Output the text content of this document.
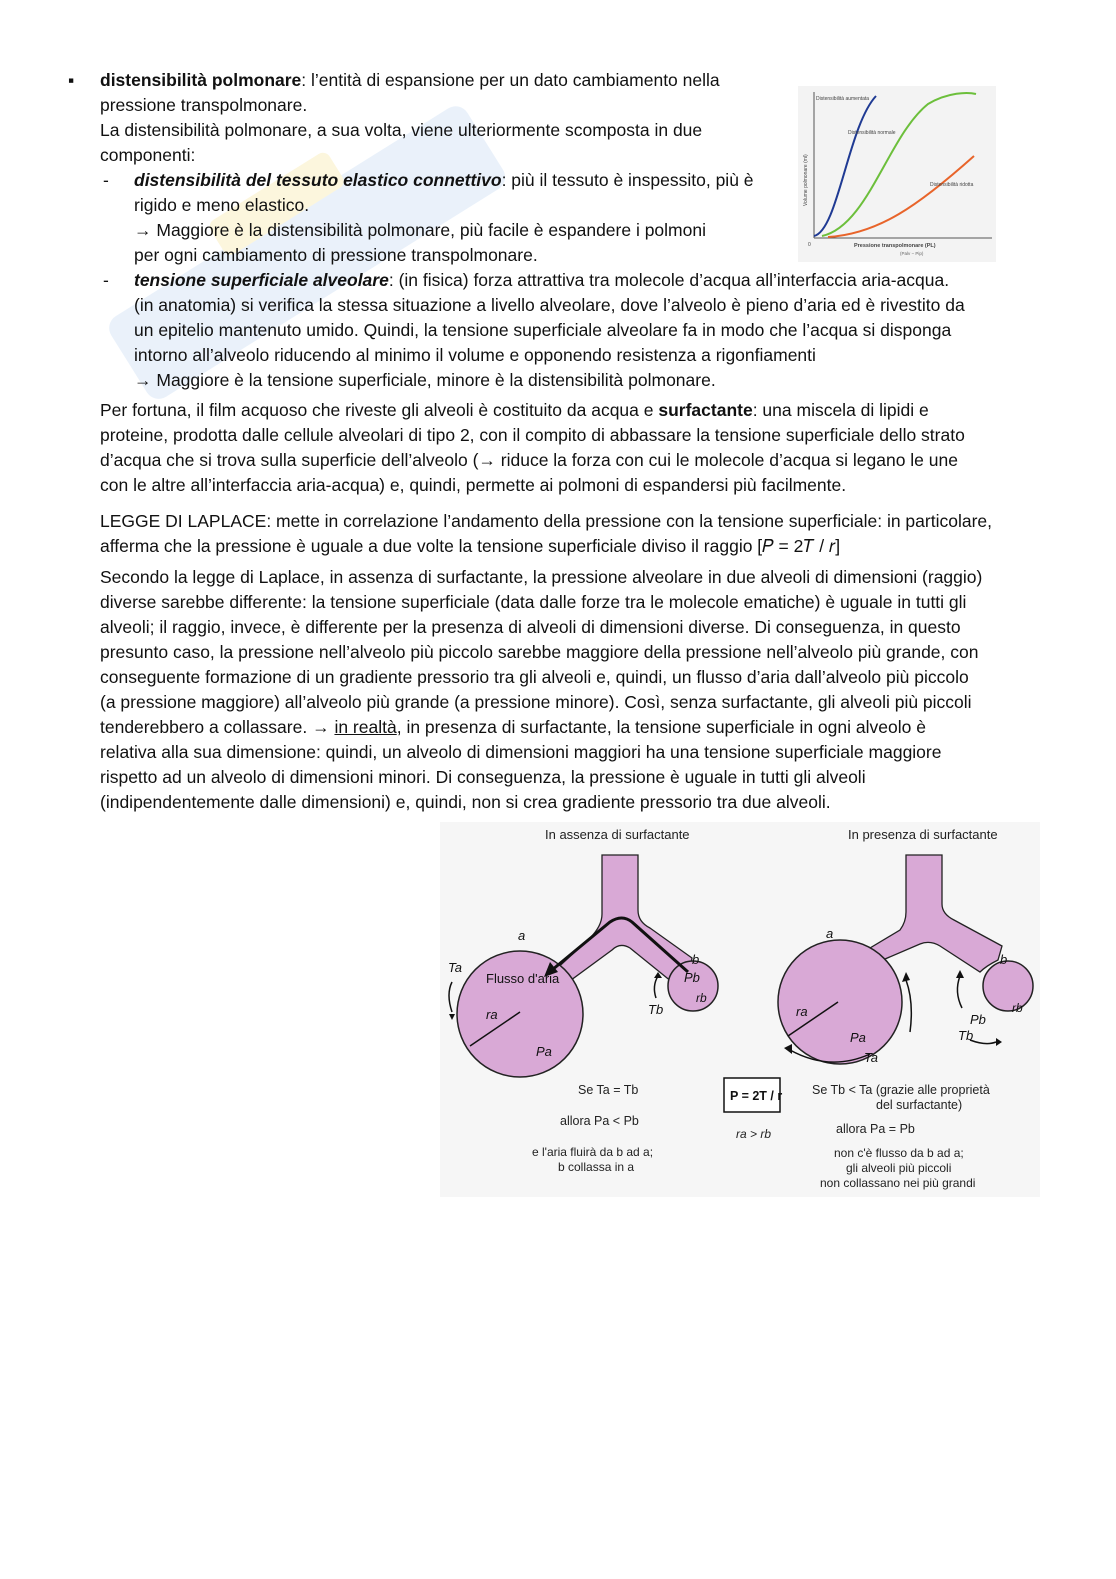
▪ distensibilità polmonare: l’entità di espansione per un dato cambiamento nella
pressione transpolmonare.
La distensibilità polmonare, a sua volta, viene ulteriormente scomposta in due
componenti:
- distensibilità del tessuto elastico connettivo: più il tessuto è inspessito, più è
rigido e meno elastico.
→ Maggiore è la distensibilità polmonare, più facile è espandere i polmoni
per ogni cambiamento di pressione transpolmonare.
- tensione superficiale alveolare: (in fisica) forza attrattiva tra molecole d’acqua all’interfaccia aria-acqua.
(in anatomia) si verifica la stessa situazione a livello alveolare, dove l’alveolo è pieno d’aria ed è rivestito da
un epitelio mantenuto umido. Quindi, la tensione superficiale alveolare fa in modo che l’acqua si disponga
intorno all’alveolo riducendo al minimo il volume e opponendo resistenza a rigonfiamenti
→ Maggiore è la tensione superficiale, minore è la distensibilità polmonare.
Per fortuna, il film acquoso che riveste gli alveoli è costituito da acqua e surfactante: una miscela di lipidi e
proteine, prodotta dalle cellule alveolari di tipo 2, con il compito di abbassare la tensione superficiale dello strato
d’acqua che si trova sulla superficie dell’alveolo (→ riduce la forza con cui le molecole d’acqua si legano le une
con le altre all’interfaccia aria-acqua) e, quindi, permette ai polmoni di espandersi più facilmente.
LEGGE DI LAPLACE: mette in correlazione l’andamento della pressione con la tensione superficiale: in particolare,
afferma che la pressione è uguale a due volte la tensione superficiale diviso il raggio [𝑃 = 2𝑇 / 𝑟]
Secondo la legge di Laplace, in assenza di surfactante, la pressione alveolare in due alveoli di dimensioni (raggio)
diverse sarebbe differente: la tensione superficiale (data dalle forze tra le molecole ematiche) è uguale in tutti gli
alveoli; il raggio, invece, è differente per la presenza di alveoli di dimensioni diverse. Di conseguenza, in questo
presunto caso, la pressione nell’alveolo più piccolo sarebbe maggiore della pressione nell’alveolo più grande, con
conseguente formazione di un gradiente pressorio tra gli alveoli e, quindi, un flusso d’aria dall’alveolo più piccolo
(a pressione maggiore) all’alveolo più grande (a pressione minore). Così, senza surfactante, gli alveoli più piccoli
tenderebbero a collassare. → in realtà, in presenza di surfactante, la tensione superficiale in ogni alveolo è
relativa alla sua dimensione: quindi, un alveolo di dimensioni maggiori ha una tensione superficiale maggiore
rispetto ad un alveolo di dimensioni minori. Di conseguenza, la pressione è uguale in tutti gli alveoli
(indipendentemente dalle dimensioni) e, quindi, non si crea gradiente pressorio tra due alveoli.
Distensibilità aumentata
Distensibilità normale
Distensibilità ridotta
Volume polmonare (ml)
Pressione transpolmonare (PL)
(Palv − Pip)
0
In assenza di surfactante	In presenza di surfactante
Flusso d'aria
ra
Pa
a
Ta
b
Pb
rb
Tb
Se Ta = Tb
allora Pa < Pb
e l'aria fluirà da b ad a;
b collassa in a
P = 2T / r
ra > rb
ra
Pa
Ta
a
b
Pb
rb
Tb
Se Tb < Ta (grazie alle proprietà
del surfactante)
allora Pa = Pb
non c'è flusso da b ad a;
gli alveoli più piccoli
non collassano nei più grandi
